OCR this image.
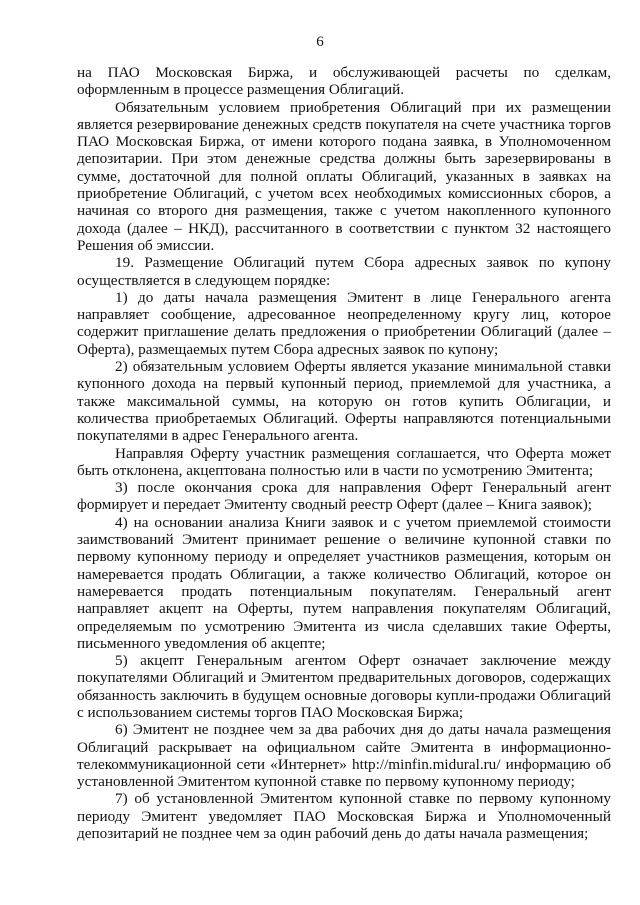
6

на ПАО Московская Биржа, и обслуживающей расчеты по сделкам, оформленным в процессе размещения Облигаций.

Обязательным условием приобретения Облигаций при их размещении является резервирование денежных средств покупателя на счете участника торгов ПАО Московская Биржа, от имени которого подана заявка, в Уполномоченном депозитарии. При этом денежные средства должны быть зарезервированы в сумме, достаточной для полной оплаты Облигаций, указанных в заявках на приобретение Облигаций, с учетом всех необходимых комиссионных сборов, а начиная со второго дня размещения, также с учетом накопленного купонного дохода (далее – НКД), рассчитанного в соответствии с пунктом 32 настоящего Решения об эмиссии.

19. Размещение Облигаций путем Сбора адресных заявок по купону осуществляется в следующем порядке:

1) до даты начала размещения Эмитент в лице Генерального агента направляет сообщение, адресованное неопределенному кругу лиц, которое содержит приглашение делать предложения о приобретении Облигаций (далее – Оферта), размещаемых путем Сбора адресных заявок по купону;

2) обязательным условием Оферты является указание минимальной ставки купонного дохода на первый купонный период, приемлемой для участника, а также максимальной суммы, на которую он готов купить Облигации, и количества приобретаемых Облигаций. Оферты направляются потенциальными покупателями в адрес Генерального агента.

Направляя Оферту участник размещения соглашается, что Оферта может быть отклонена, акцептована полностью или в части по усмотрению Эмитента;

3) после окончания срока для направления Оферт Генеральный агент формирует и передает Эмитенту сводный реестр Оферт (далее – Книга заявок);

4) на основании анализа Книги заявок и с учетом приемлемой стоимости заимствований Эмитент принимает решение о величине купонной ставки по первому купонному периоду и определяет участников размещения, которым он намеревается продать Облигации, а также количество Облигаций, которое он намеревается продать потенциальным покупателям. Генеральный агент направляет акцепт на Оферты, путем направления покупателям Облигаций, определяемым по усмотрению Эмитента из числа сделавших такие Оферты, письменного уведомления об акцепте;

5) акцепт Генеральным агентом Оферт означает заключение между покупателями Облигаций и Эмитентом предварительных договоров, содержащих обязанность заключить в будущем основные договоры купли-продажи Облигаций с использованием системы торгов ПАО Московская Биржа;

6) Эмитент не позднее чем за два рабочих дня до даты начала размещения Облигаций раскрывает на официальном сайте Эмитента в информационно-телекоммуникационной сети «Интернет» http://minfin.midural.ru/ информацию об установленной Эмитентом купонной ставке по первому купонному периоду;

7) об установленной Эмитентом купонной ставке по первому купонному периоду Эмитент уведомляет ПАО Московская Биржа и Уполномоченный депозитарий не позднее чем за один рабочий день до даты начала размещения;
